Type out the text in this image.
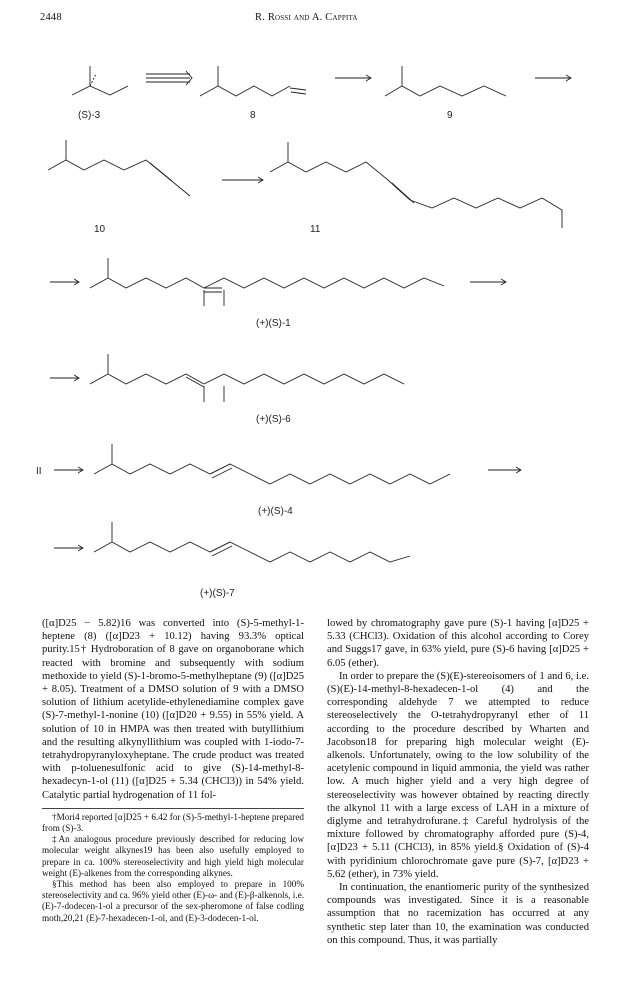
2448	R. Rossi and A. Cappita
(S)-3	8	9
10	11
(+)(S)-1
(+)(S)-6
(+)(S)-4
(+)(S)-7
II

([α]D25 − 5.82)16 was converted into (S)-5-methyl-1-heptene (8) ([α]D23 + 10.12) having 93.3% optical purity.15† Hydroboration of 8 gave on organoborane which reacted with bromine and subsequently with sodium methoxide to yield (S)-1-bromo-5-methylheptane (9) ([α]D25 + 8.05). Treatment of a DMSO solution of 9 with a DMSO solution of lithium acetylide-ethylenediamine complex gave (S)-7-methyl-1-nonine (10) ([α]D20 + 9.55) in 55% yield. A solution of 10 in HMPA was then treated with butyllithium and the resulting alkynyllithium was coupled with 1-iodo-7-tetrahydropyranyloxyheptane. The crude product was treated with p-toluenesulfonic acid to give (S)-14-methyl-8-hexadecyn-1-ol (11) ([α]D25 + 5.34 (CHCl3)) in 54% yield. Catalytic partial hydrogenation of 11 fol-

†Mori4 reported [α]D25 + 6.42 for (S)-5-methyl-1-heptene prepared from (S)-3.

‡An analogous procedure previously described for reducing low molecular weight alkynes19 has been also usefully employed to prepare in ca. 100% stereoselectivity and high yield high molecular weight (E)-alkenes from the corresponding alkynes.

§This method has been also employed to prepare in 100% stereoselectivity and ca. 96% yield other (E)-ω- and (E)-β-alkenols, i.e. (E)-7-dodecen-1-ol a precursor of the sex-pheromone of false codling moth,20,21 (E)-7-hexadecen-1-ol, and (E)-3-dodecen-1-ol.

lowed by chromatography gave pure (S)-1 having [α]D25 + 5.33 (CHCl3). Oxidation of this alcohol according to Corey and Suggs17 gave, in 63% yield, pure (S)-6 having [α]D25 + 6.05 (ether).

In order to prepare the (S)(E)-stereoisomers of 1 and 6, i.e. (S)(E)-14-methyl-8-hexadecen-1-ol (4) and the corresponding aldehyde 7 we attempted to reduce stereoselectively the O-tetrahydropyranyl ether of 11 according to the procedure described by Wharten and Jacobson18 for preparing high molecular weight (E)-alkenols. Unfortunately, owing to the low solubility of the acetylenic compound in liquid ammonia, the yield was rather low. A much higher yield and a very high degree of stereoselectivity was however obtained by reacting directly the alkynol 11 with a large excess of LAH in a mixture of diglyme and tetrahydrofurane.‡ Careful hydrolysis of the mixture followed by chromatography afforded pure (S)-4, [α]D23 + 5.11 (CHCl3), in 85% yield.§ Oxidation of (S)-4 with pyridinium chlorochromate gave pure (S)-7, [α]D23 + 5.62 (ether), in 73% yield.

In continuation, the enantiomeric purity of the synthesized compounds was investigated. Since it is a reasonable assumption that no racemization has occurred at any synthetic step later than 10, the examination was conducted on this compound. Thus, it was partially
